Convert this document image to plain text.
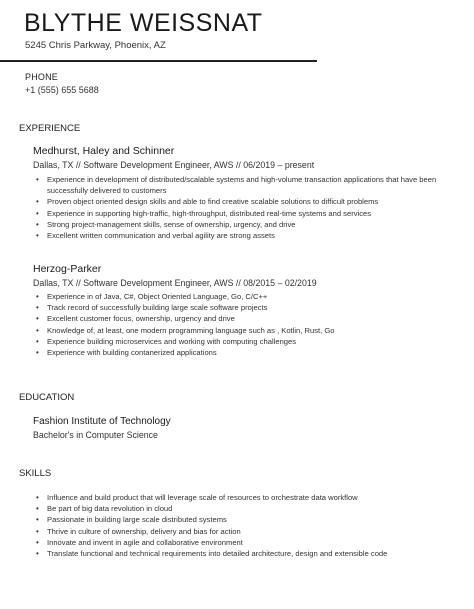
BLYTHE WEISSNAT
5245 Chris Parkway, Phoenix, AZ
PHONE
+1 (555) 655 5688
EXPERIENCE
Medhurst, Haley and Schinner
Dallas, TX // Software Development Engineer, AWS // 06/2019 – present
• Experience in development of distributed/scalable systems and high-volume transaction applications that have been successfully delivered to customers
• Proven object oriented design skills and able to find creative scalable solutions to difficult problems
• Experience in supporting high-traffic, high-throughput, distributed real-time systems and services
• Strong project-management skills, sense of ownership, urgency, and drive
• Excellent written communication and verbal agility are strong assets
Herzog-Parker
Dallas, TX // Software Development Engineer, AWS // 08/2015 – 02/2019
• Experience in of Java, C#, Object Oriented Language, Go, C/C++
• Track record of successfully building large scale software projects
• Excellent customer focus, ownership, urgency and drive
• Knowledge of, at least, one modern programming language such as , Kotlin, Rust, Go
• Experience building microservices and working with computing challenges
• Experience with building contanerized applications
EDUCATION
Fashion Institute of Technology
Bachelor's in Computer Science
SKILLS
• Influence and build product that will leverage scale of resources to orchestrate data workflow
• Be part of big data revolution in cloud
• Passionate in building large scale distributed systems
• Thrive in culture of ownership, delivery and bias for action
• Innovate and invent in agile and collaborative environment
• Translate functional and technical requirements into detailed architecture, design and extensible code
